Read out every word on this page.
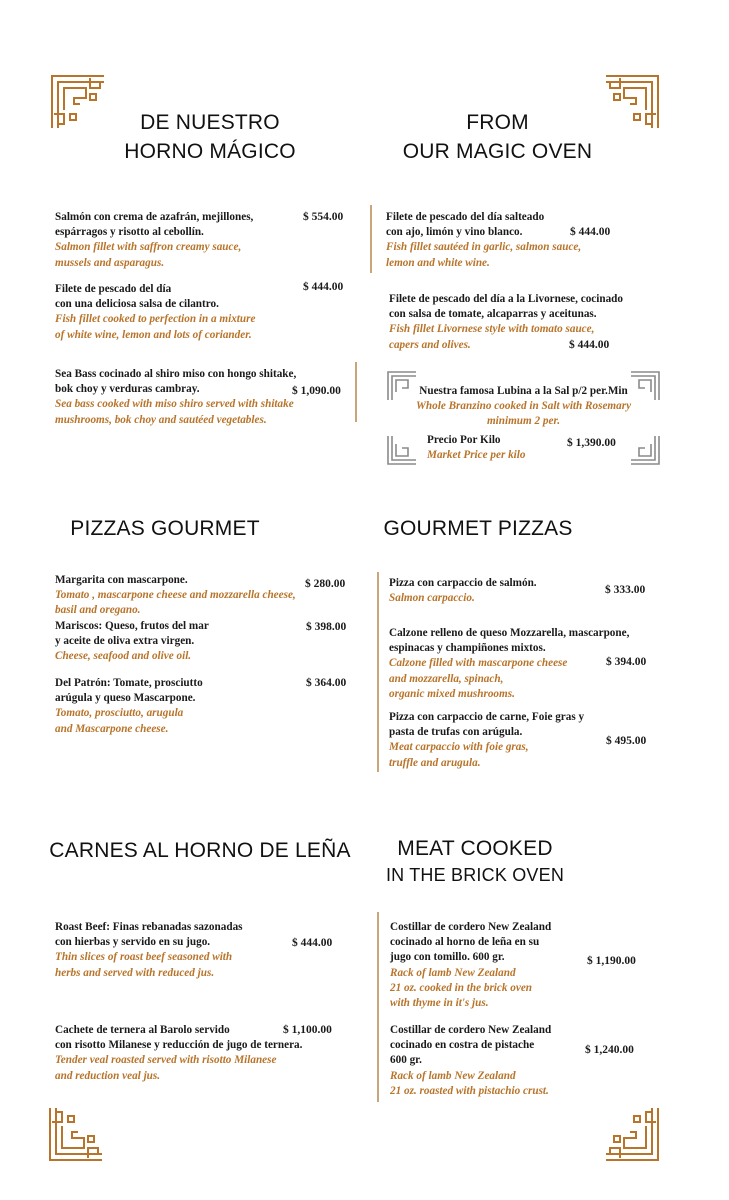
DE NUESTRO
HORNO MÁGICO
FROM
OUR MAGIC OVEN
PIZZAS GOURMET	GOURMET PIZZAS
CARNES AL HORNO DE LEÑA	MEAT COOKED
IN THE BRICK OVEN
Salmón con crema de azafrán, mejillones,
espárragos y risotto al cebollín.
Salmon fillet with saffron creamy sauce,
mussels and asparagus.
$ 554.00
Filete de pescado del día
con una deliciosa salsa de cilantro.
Fish fillet cooked to perfection in a mixture
of white wine, lemon and lots of coriander.
$ 444.00
Sea Bass cocinado al shiro miso con hongo shitake,
bok choy y verduras cambray.
Sea bass cooked with miso shiro served with shitake
mushrooms, bok choy and sautéed vegetables.
$ 1,090.00
Filete de pescado del día salteado
con ajo, limón y vino blanco.
Fish fillet sautéed in garlic, salmon sauce,
lemon and white wine.
$ 444.00
Filete de pescado del día a la Livornese, cocinado
con salsa de tomate, alcaparras y aceitunas.
Fish fillet Livornese style with tomato sauce,
capers and olives.	$ 444.00
Nuestra famosa Lubina a la Sal p/2 per.Min
Whole Branzino cooked in Salt with Rosemary
minimum 2 per.
Precio Por Kilo
Market Price per kilo
$ 1,390.00
Margarita con mascarpone.
Tomato , mascarpone cheese and mozzarella cheese,
basil and oregano.
$ 280.00
Mariscos: Queso, frutos del mar
y aceite de oliva extra virgen.
Cheese, seafood and olive oil.
$ 398.00
Del Patrón: Tomate, prosciutto
arúgula y queso Mascarpone.
Tomato, prosciutto, arugula
and Mascarpone cheese.
$ 364.00
Pizza con carpaccio de salmón.
Salmon carpaccio.
$ 333.00
Calzone relleno de queso Mozzarella, mascarpone,
espinacas y champiñones mixtos.
Calzone filled with mascarpone cheese
and mozzarella, spinach,
organic mixed mushrooms.
$ 394.00
Pizza con carpaccio de carne, Foie gras y
pasta de trufas con arúgula.
Meat carpaccio with foie gras,
truffle and arugula.
$ 495.00
Roast Beef: Finas rebanadas sazonadas
con hierbas y servido en su jugo.
Thin slices of roast beef seasoned with
herbs and served with reduced jus.
$ 444.00
Cachete de ternera al Barolo servido
con risotto Milanese y reducción de jugo de ternera.
Tender veal roasted served with risotto Milanese
and reduction veal jus.
$ 1,100.00
Costillar de cordero New Zealand
cocinado al horno de leña en su
jugo con tomillo. 600 gr.
Rack of lamb New Zealand
21 oz. cooked in the brick oven
with thyme in it's jus.
$ 1,190.00
Costillar de cordero New Zealand
cocinado en costra de pistache
600 gr.
Rack of lamb New Zealand
21 oz. roasted with pistachio crust.
$ 1,240.00
